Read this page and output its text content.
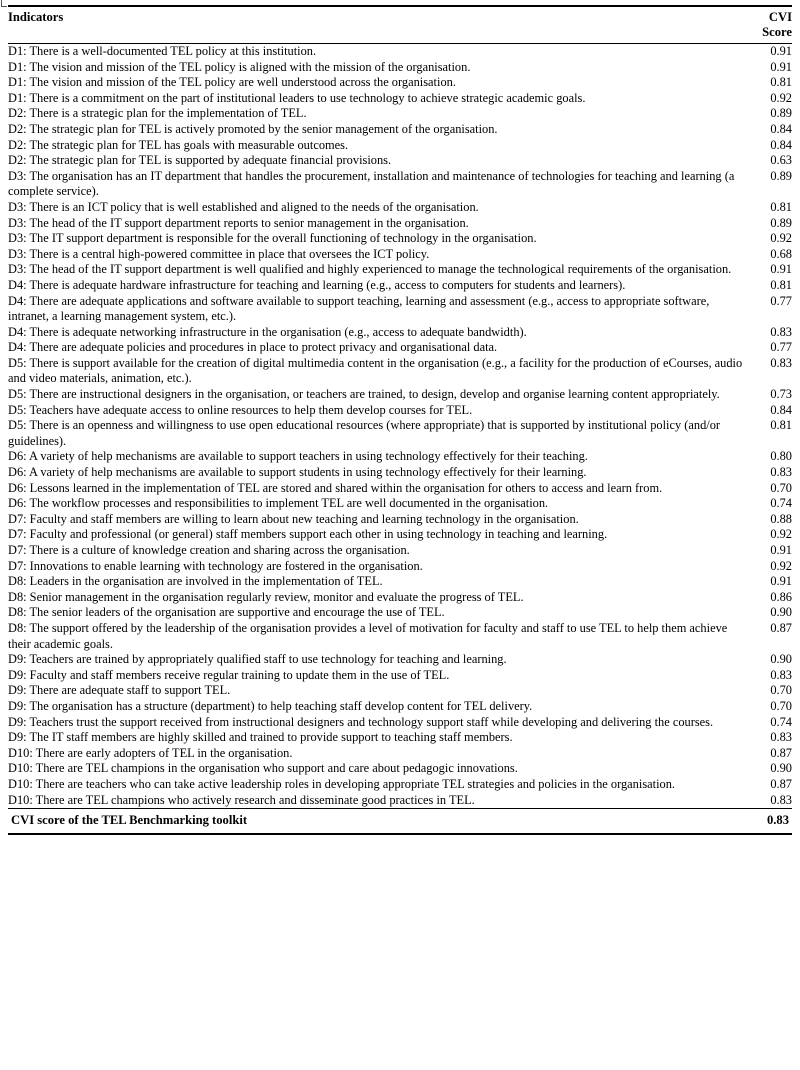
Indicators	CVI
Score
D1: There is a well-documented TEL policy at this institution.	0.91
D1: The vision and mission of the TEL policy is aligned with the mission of the organisation.	0.91
D1: The vision and mission of the TEL policy are well understood across the organisation.	0.81
D1: There is a commitment on the part of institutional leaders to use technology to achieve strategic academic goals.	0.92
D2: There is a strategic plan for the implementation of TEL.	0.89
D2: The strategic plan for TEL is actively promoted by the senior management of the organisation.	0.84
D2: The strategic plan for TEL has goals with measurable outcomes.	0.84
D2: The strategic plan for TEL is supported by adequate financial provisions.	0.63
D3: The organisation has an IT department that handles the procurement, installation and maintenance of technologies for teaching and learning (a complete service).	0.89
D3: There is an ICT policy that is well established and aligned to the needs of the organisation.	0.81
D3: The head of the IT support department reports to senior management in the organisation.	0.89
D3: The IT support department is responsible for the overall functioning of technology in the organisation.	0.92
D3: There is a central high-powered committee in place that oversees the ICT policy.	0.68
D3: The head of the IT support department is well qualified and highly experienced to manage the technological requirements of the organisation.	0.91
D4: There is adequate hardware infrastructure for teaching and learning (e.g., access to computers for students and learners).	0.81
D4: There are adequate applications and software available to support teaching, learning and assessment (e.g., access to appropriate software, intranet, a learning management system, etc.).	0.77
D4: There is adequate networking infrastructure in the organisation (e.g., access to adequate bandwidth).	0.83
D4: There are adequate policies and procedures in place to protect privacy and organisational data.	0.77
D5: There is support available for the creation of digital multimedia content in the organisation (e.g., a facility for the production of eCourses, audio and video materials, animation, etc.).	0.83
D5: There are instructional designers in the organisation, or teachers are trained, to design, develop and organise learning content appropriately.	0.73
D5: Teachers have adequate access to online resources to help them develop courses for TEL.	0.84
D5: There is an openness and willingness to use open educational resources (where appropriate) that is supported by institutional policy (and/or guidelines).	0.81
D6: A variety of help mechanisms are available to support teachers in using technology effectively for their teaching.	0.80
D6: A variety of help mechanisms are available to support students in using technology effectively for their learning.	0.83
D6: Lessons learned in the implementation of TEL are stored and shared within the organisation for others to access and learn from.	0.70
D6: The workflow processes and responsibilities to implement TEL are well documented in the organisation.	0.74
D7: Faculty and staff members are willing to learn about new teaching and learning technology in the organisation.	0.88
D7: Faculty and professional (or general) staff members support each other in using technology in teaching and learning.	0.92
D7: There is a culture of knowledge creation and sharing across the organisation.	0.91
D7: Innovations to enable learning with technology are fostered in the organisation.	0.92
D8: Leaders in the organisation are involved in the implementation of TEL.	0.91
D8: Senior management in the organisation regularly review, monitor and evaluate the progress of TEL.	0.86
D8: The senior leaders of the organisation are supportive and encourage the use of TEL.	0.90
D8: The support offered by the leadership of the organisation provides a level of motivation for faculty and staff to use TEL to help them achieve their academic goals.	0.87
D9: Teachers are trained by appropriately qualified staff to use technology for teaching and learning.	0.90
D9: Faculty and staff members receive regular training to update them in the use of TEL.	0.83
D9: There are adequate staff to support TEL.	0.70
D9: The organisation has a structure (department) to help teaching staff develop content for TEL delivery.	0.70
D9: Teachers trust the support received from instructional designers and technology support staff while developing and delivering the courses.	0.74
D9: The IT staff members are highly skilled and trained to provide support to teaching staff members.	0.83
D10: There are early adopters of TEL in the organisation.	0.87
D10: There are TEL champions in the organisation who support and care about pedagogic innovations.	0.90
D10: There are teachers who can take active leadership roles in developing appropriate TEL strategies and policies in the organisation.	0.87
D10: There are TEL champions who actively research and disseminate good practices in TEL.	0.83
CVI score of the TEL Benchmarking toolkit	0.83
